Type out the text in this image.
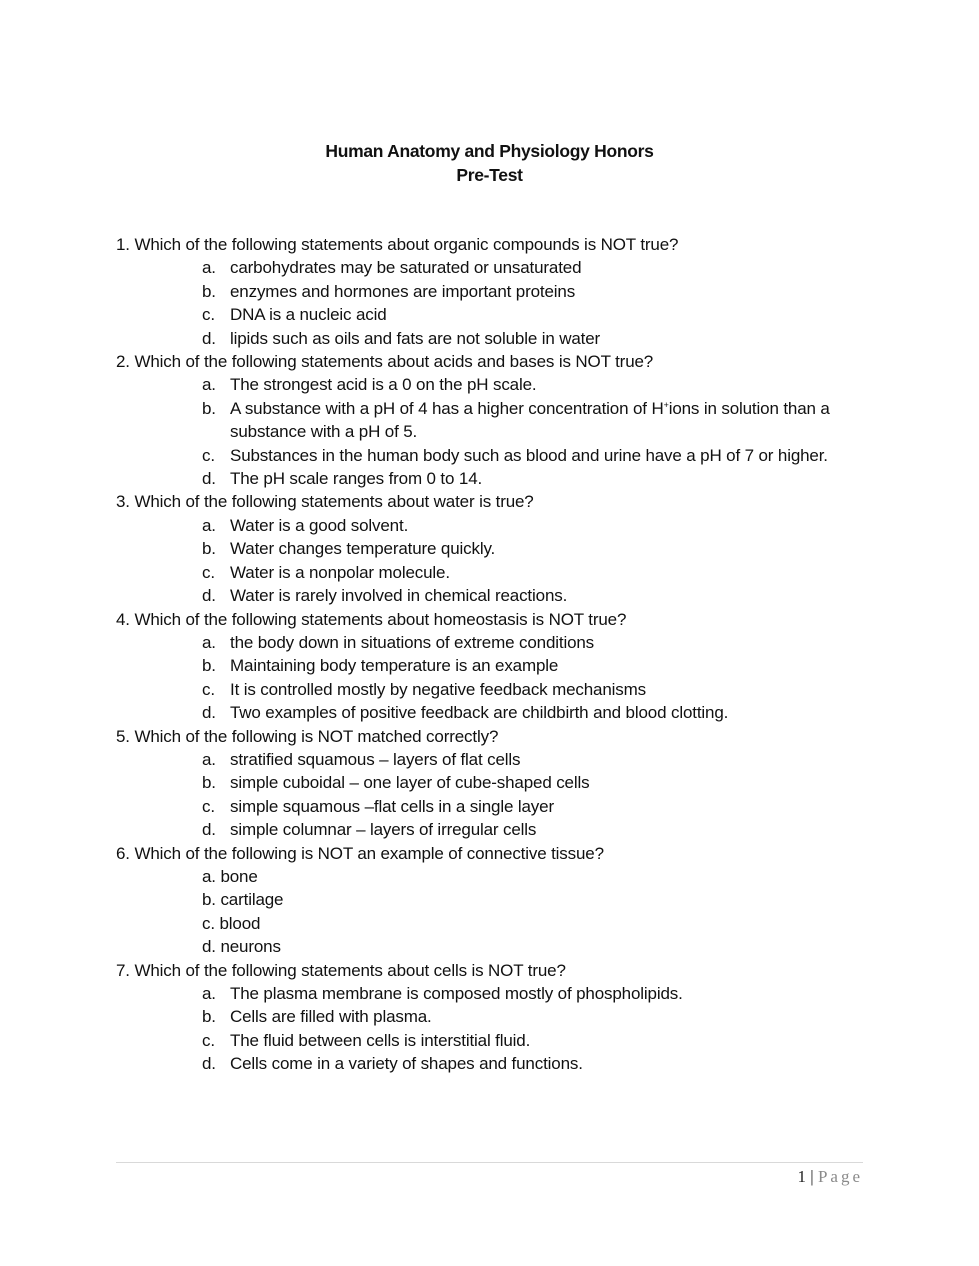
Human Anatomy and Physiology Honors
Pre-Test
1. Which of the following statements about organic compounds is NOT true?
a. carbohydrates may be saturated or unsaturated
b. enzymes and hormones are important proteins
c. DNA is a nucleic acid
d. lipids such as oils and fats are not soluble in water
2. Which of the following statements about acids and bases is NOT true?
a. The strongest acid is a 0 on the pH scale.
b. A substance with a pH of 4 has a higher concentration of H+ions in solution than a substance with a pH of 5.
c. Substances in the human body such as blood and urine have a pH of 7 or higher.
d. The pH scale ranges from 0 to 14.
3. Which of the following statements about water is true?
a. Water is a good solvent.
b. Water changes temperature quickly.
c. Water is a nonpolar molecule.
d. Water is rarely involved in chemical reactions.
4. Which of the following statements about homeostasis is NOT true?
a. the body down in situations of extreme conditions
b. Maintaining body temperature is an example
c. It is controlled mostly by negative feedback mechanisms
d. Two examples of positive feedback are childbirth and blood clotting.
5. Which of the following is NOT matched correctly?
a. stratified squamous – layers of flat cells
b. simple cuboidal – one layer of cube-shaped cells
c. simple squamous –flat cells in a single layer
d. simple columnar – layers of irregular cells
6. Which of the following is NOT an example of connective tissue?
a. bone
b. cartilage
c. blood
d. neurons
7. Which of the following statements about cells is NOT true?
a. The plasma membrane is composed mostly of phospholipids.
b. Cells are filled with plasma.
c. The fluid between cells is interstitial fluid.
d. Cells come in a variety of shapes and functions.
1 | Page
